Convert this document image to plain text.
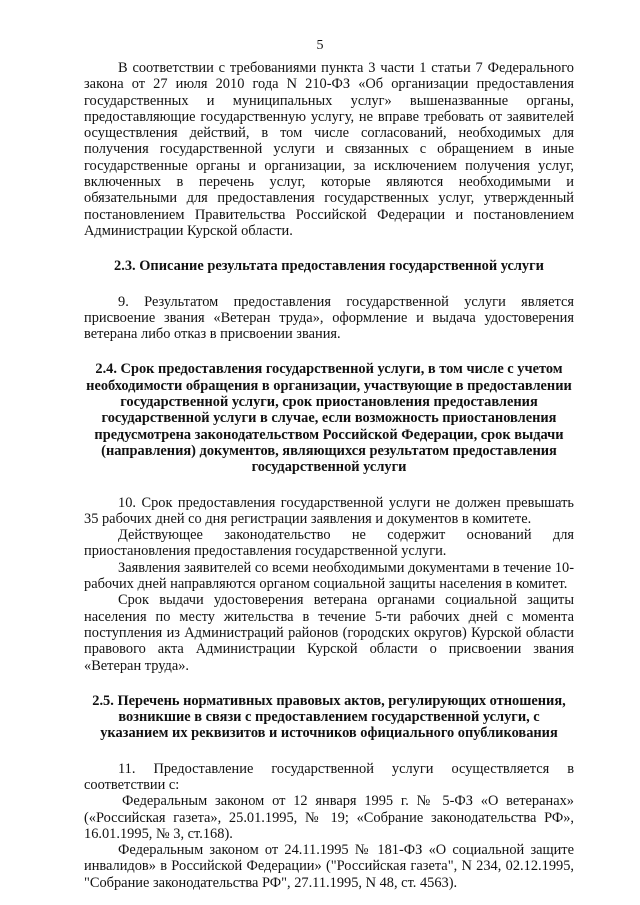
5

В соответствии с требованиями пункта 3 части 1 статьи 7 Федерального закона от 27 июля 2010 года N 210-ФЗ «Об организации предоставления государственных и муниципальных услуг» вышеназванные органы, предоставляющие государственную услугу, не вправе требовать от заявителей осуществления действий, в том числе согласований, необходимых для получения государственной услуги и связанных с обращением в иные государственные органы и организации, за исключением получения услуг, включенных в перечень услуг, которые являются необходимыми и обязательными для предоставления государственных услуг, утвержденный постановлением Правительства Российской Федерации и постановлением Администрации Курской области.

2.3. Описание результата предоставления государственной услуги

9. Результатом предоставления государственной услуги является присвоение звания «Ветеран труда», оформление и выдача удостоверения ветерана либо отказ в присвоении звания.

2.4. Срок предоставления государственной услуги, в том числе с учетом необходимости обращения в организации, участвующие в предоставлении государственной услуги, срок приостановления предоставления государственной услуги в случае, если возможность приостановления предусмотрена законодательством Российской Федерации, срок выдачи (направления) документов, являющихся результатом предоставления государственной услуги

10. Срок предоставления государственной услуги не должен превышать 35 рабочих дней со дня регистрации заявления и документов в комитете.

Действующее законодательство не содержит оснований для приостановления предоставления государственной услуги.

Заявления заявителей со всеми необходимыми документами в течение 10-рабочих дней направляются органом социальной защиты населения в комитет.

Срок выдачи удостоверения ветерана органами социальной защиты населения по месту жительства в течение 5-ти рабочих дней с момента поступления из Администраций районов (городских округов) Курской области правового акта Администрации Курской области о присвоении звания «Ветеран труда».

2.5. Перечень нормативных правовых актов, регулирующих отношения, возникшие в связи с предоставлением государственной услуги, с указанием их реквизитов и источников официального опубликования

11. Предоставление государственной услуги осуществляется в соответствии с:

Федеральным законом от 12 января 1995 г. № 5-ФЗ «О ветеранах» («Российская газета», 25.01.1995, № 19; «Собрание законодательства РФ», 16.01.1995, № 3, ст.168).

Федеральным законом от 24.11.1995 № 181-ФЗ «О социальной защите инвалидов» в Российской Федерации» ("Российская газета", N 234, 02.12.1995, "Собрание законодательства РФ", 27.11.1995, N 48, ст. 4563).
